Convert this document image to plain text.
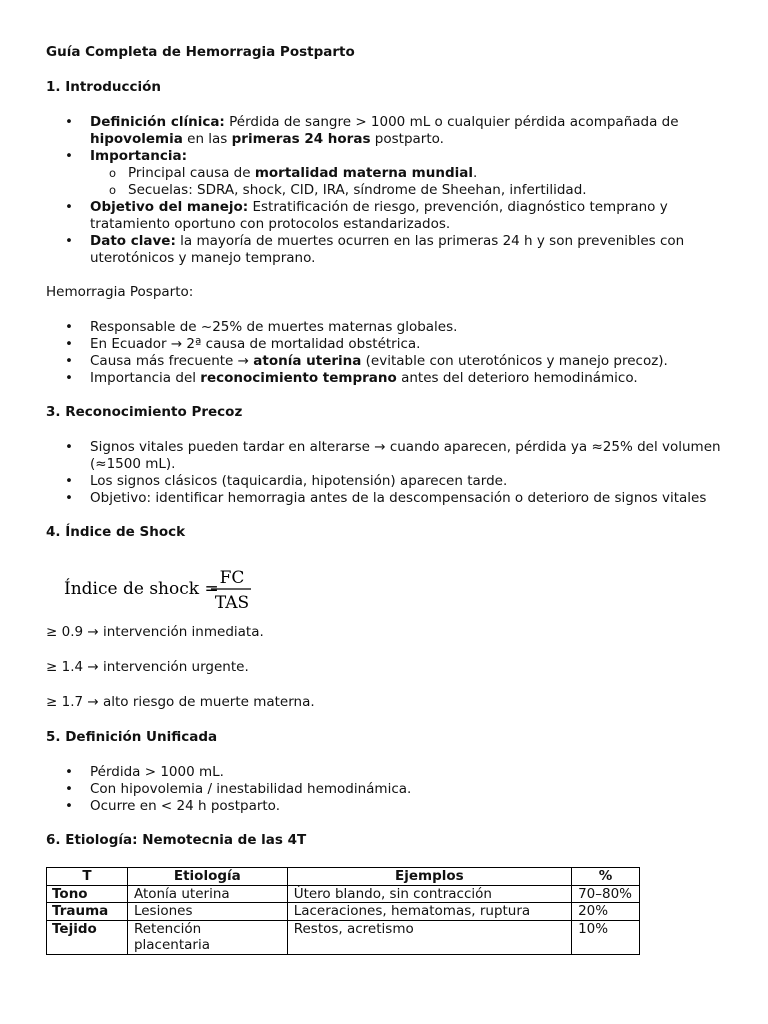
Guía Completa de Hemorragia Postparto
1. Introducción
• Definición clínica: Pérdida de sangre > 1000 mL o cualquier pérdida acompañada de hipovolemia en las primeras 24 horas postparto.
• Importancia:
o Principal causa de mortalidad materna mundial.
o Secuelas: SDRA, shock, CID, IRA, síndrome de Sheehan, infertilidad.
• Objetivo del manejo: Estratificación de riesgo, prevención, diagnóstico temprano y tratamiento oportuno con protocolos estandarizados.
• Dato clave: la mayoría de muertes ocurren en las primeras 24 h y son prevenibles con uterotónicos y manejo temprano.

Hemorragia Posparto:

• Responsable de ~25% de muertes maternas globales.
• En Ecuador → 2ª causa de mortalidad obstétrica.
• Causa más frecuente → atonía uterina (evitable con uterotónicos y manejo precoz).
• Importancia del reconocimiento temprano antes del deterioro hemodinámico.
3. Reconocimiento Precoz
• Signos vitales pueden tardar en alterarse → cuando aparecen, pérdida ya ≈25% del volumen (≈1500 mL).
• Los signos clásicos (taquicardia, hipotensión) aparecen tarde.
• Objetivo: identificar hemorragia antes de la descompensación o deterioro de signos vitales
4. Índice de Shock
Índice de shock =
FC
TAS

≥ 0.9 → intervención inmediata.

≥ 1.4 → intervención urgente.

≥ 1.7 → alto riesgo de muerte materna.

5. Definición Unificada
• Pérdida > 1000 mL.
• Con hipovolemia / inestabilidad hemodinámica.
• Ocurre en < 24 h postparto.
6. Etiología: Nemotecnia de las 4T
T	Etiología	Ejemplos	%
Tono	Atonía uterina	Útero blando, sin contracción	70–80%
Trauma	Lesiones	Laceraciones, hematomas, ruptura	20%
Tejido	Retención placentaria	Restos, acretismo	10%
